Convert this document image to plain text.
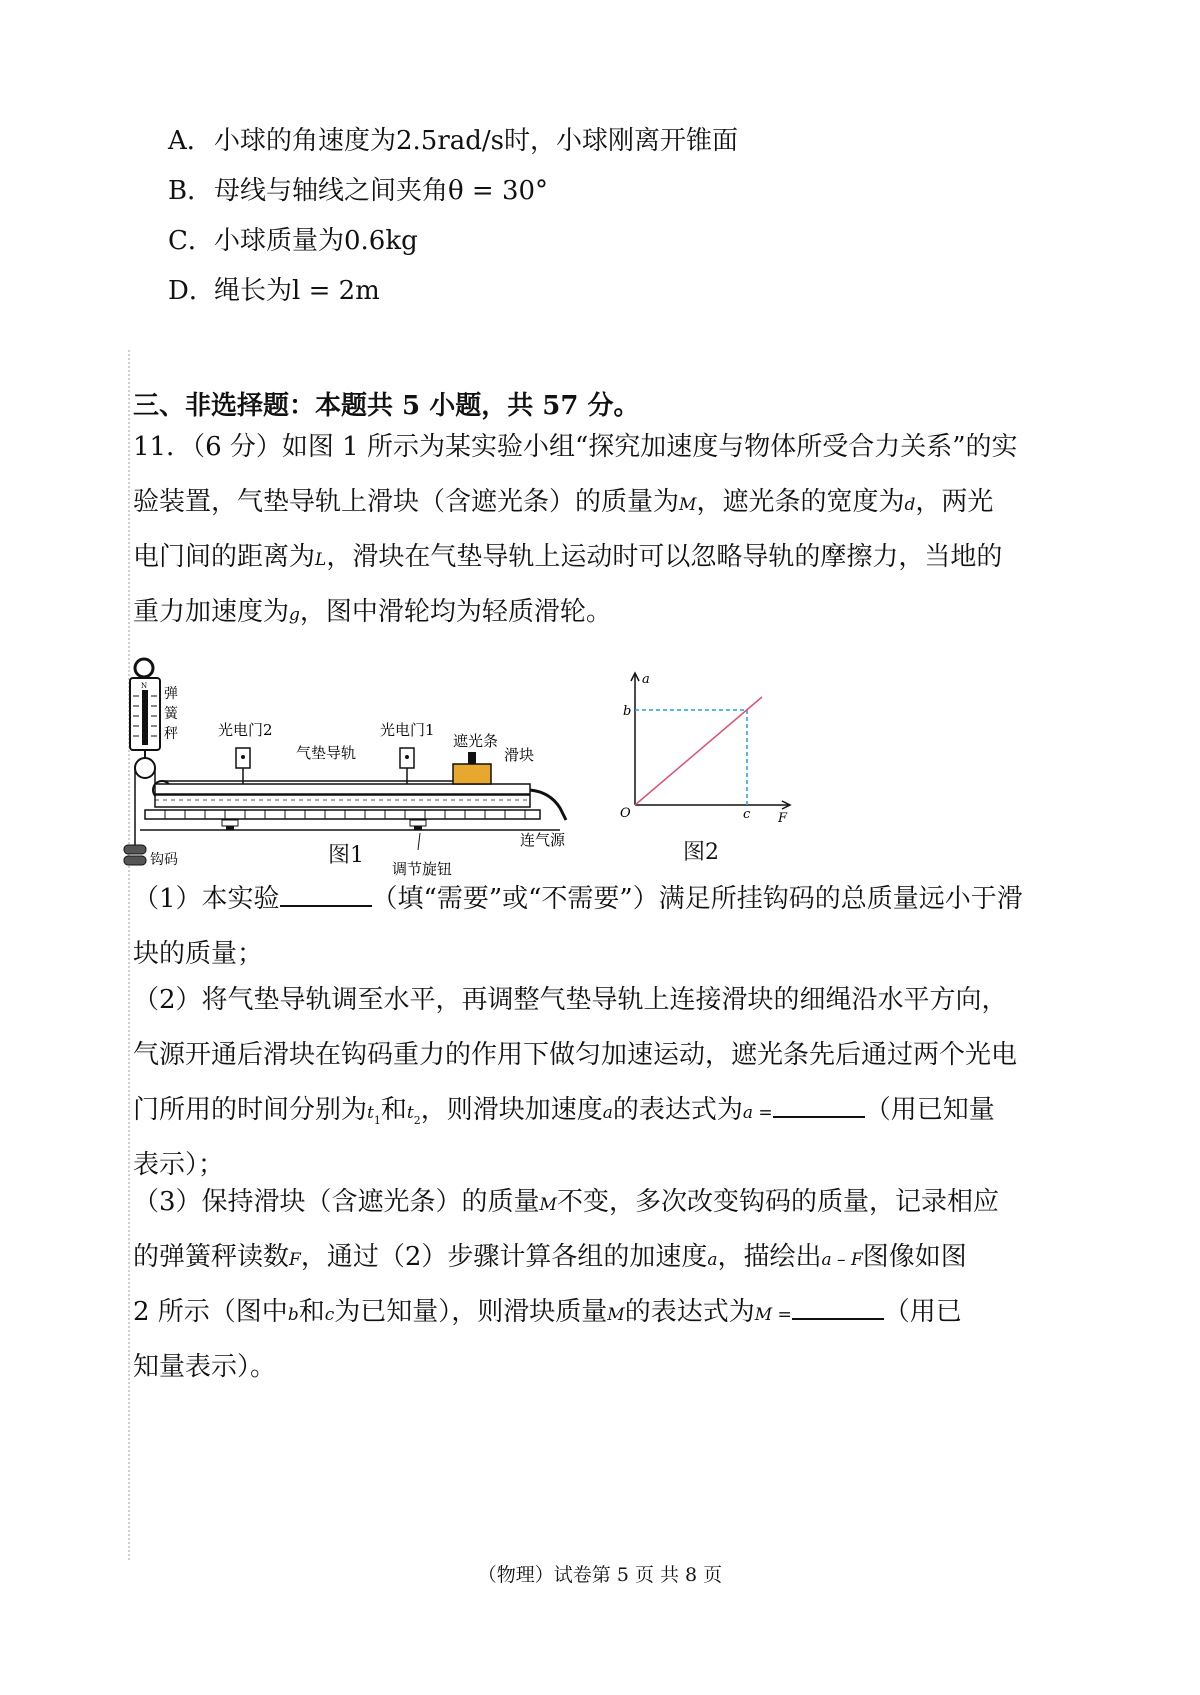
A．小球的角速度为2.5rad/s时，小球刚离开锥面
B．母线与轴线之间夹角θ = 30°
C．小球质量为0.6kg
D．绳长为l = 2m
三、非选择题：本题共 5 小题，共 57 分。
11．（6 分）如图 1 所示为某实验小组“探究加速度与物体所受合力关系”的实
验装置，气垫导轨上滑块（含遮光条）的质量为M，遮光条的宽度为d，两光
电门间的距离为L，滑块在气垫导轨上运动时可以忽略导轨的摩擦力，当地的
重力加速度为g，图中滑轮均为轻质滑轮。
N 弹
簧
秤
钩码	调节旋钮
光电门2	光电门1
气垫导轨
遮光条
滑块
连气源
图1
a
F
O
b
c
图2
（1）本实验	（填“需要”或“不需要”）满足所挂钩码的总质量远小于滑
块的质量；
（2）将气垫导轨调至水平，再调整气垫导轨上连接滑块的细绳沿水平方向，
气源开通后滑块在钩码重力的作用下做匀加速运动，遮光条先后通过两个光电
门所用的时间分别为$t_1$和$t_2$，则滑块加速度a的表达式为a =	（用已知量
表示）；
（3）保持滑块（含遮光条）的质量M不变，多次改变钩码的质量，记录相应
的弹簧秤读数F，通过（2）步骤计算各组的加速度a，描绘出a – F图像如图
2 所示（图中b和c为已知量），则滑块质量M的表达式为M =	（用已
知量表示）。
（物理）试卷第 5 页 共 8 页
